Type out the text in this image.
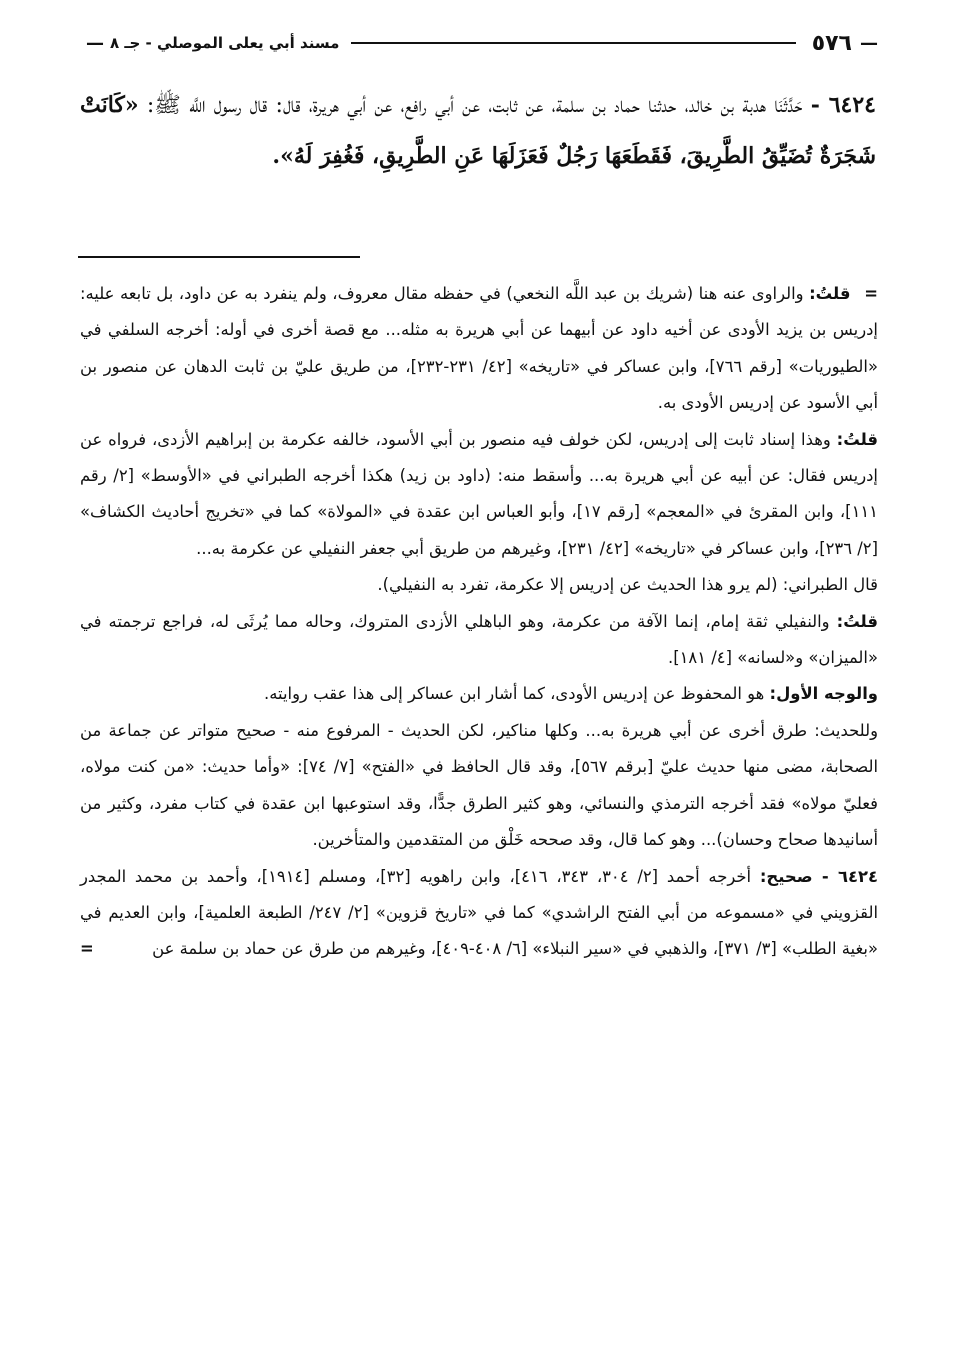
—
٥٧٦
مسند أبي يعلى الموصلي - جـ ٨
—
٦٤٢٤ - حَدَّثَنَا هدبة بن خالد، حدثنا حماد بن سلمة، عن ثابت، عن أبي رافع، عن أبي هريرة، قال: قال رسول اللَّه ﷺ: «كَانَتْ شَجَرَةٌ تُضَيِّقُ الطَّرِيقَ، فَقَطَعَهَا رَجُلٌ فَعَزَلَهَا عَنِ الطَّرِيقِ، فَغُفِرَ لَهُ».

= قلتُ: والراوى عنه هنا (شريك بن عبد اللَّه النخعي) في حفظه مقال معروف، ولم ينفرد به عن داود، بل تابعه عليه: إدريس بن يزيد الأودى عن أخيه داود عن أبيهما عن أبي هريرة به مثله... مع قصة أخرى في أوله: أخرجه السلفي في «الطيوريات» [رقم ٧٦٦]، وابن عساكر في «تاريخه» [٤٢/ ٢٣١-٢٣٢]، من طريق عليّ بن ثابت الدهان عن منصور بن أبي الأسود عن إدريس الأودى به.

قلتُ: وهذا إسناد ثابت إلى إدريس، لكن خولف فيه منصور بن أبي الأسود، خالفه عكرمة بن إبراهيم الأزدى، فرواه عن إدريس فقال: عن أبيه عن أبي هريرة به... وأسقط منه: (داود بن زيد) هكذا أخرجه الطبراني في «الأوسط» [٢/ رقم ١١١]، وابن المقرئ في «المعجم» [رقم ١٧]، وأبو العباس ابن عقدة في «المولاة» كما في «تخريج أحاديث الكشاف» [٢/ ٢٣٦]، وابن عساكر في «تاريخه» [٤٢/ ٢٣١]، وغيرهم من طريق أبي جعفر النفيلي عن عكرمة به...

قال الطبراني: (لم يرو هذا الحديث عن إدريس إلا عكرمة، تفرد به النفيلي).

قلتُ: والنفيلي ثقة إمام، إنما الآفة من عكرمة، وهو الباهلي الأزدى المتروك، وحاله مما يُرثَى له، فراجع ترجمته في «الميزان» و«لسانه» [٤/ ١٨١].

والوجه الأول: هو المحفوظ عن إدريس الأودى، كما أشار ابن عساكر إلى هذا عقب روايته.

وللحديث: طرق أخرى عن أبي هريرة به... وكلها مناكير، لكن الحديث - المرفوع منه - صحيح متواتر عن جماعة من الصحابة، مضى منها حديث عليّ [برقم ٥٦٧]، وقد قال الحافظ في «الفتح» [٧/ ٧٤]: «وأما حديث: «من كنت مولاه، فعليّ مولاه» فقد أخرجه الترمذي والنسائي، وهو كثير الطرق جدًّا، وقد استوعبها ابن عقدة في كتاب مفرد، وكثير من أسانيدها صحاح وحسان)... وهو كما قال، وقد صححه خَلْق من المتقدمين والمتأخرين.

٦٤٢٤ - صحيح: أخرجه أحمد [٢/ ٣٠٤، ٣٤٣، ٤١٦]، وابن راهويه [٣٢]، ومسلم [١٩١٤]، وأحمد بن محمد المجدر القزويني في «مسموعه من أبي الفتح الراشدي» كما في «تاريخ قزوين» [٢/ ٢٤٧/ الطبعة العلمية]، وابن العديم في «بغية الطلب» [٣/ ٣٧١]، والذهبي في «سير النبلاء» [٦/ ٤٠٨-٤٠٩]، وغيرهم من طرق عن حماد بن سلمة عن
=
